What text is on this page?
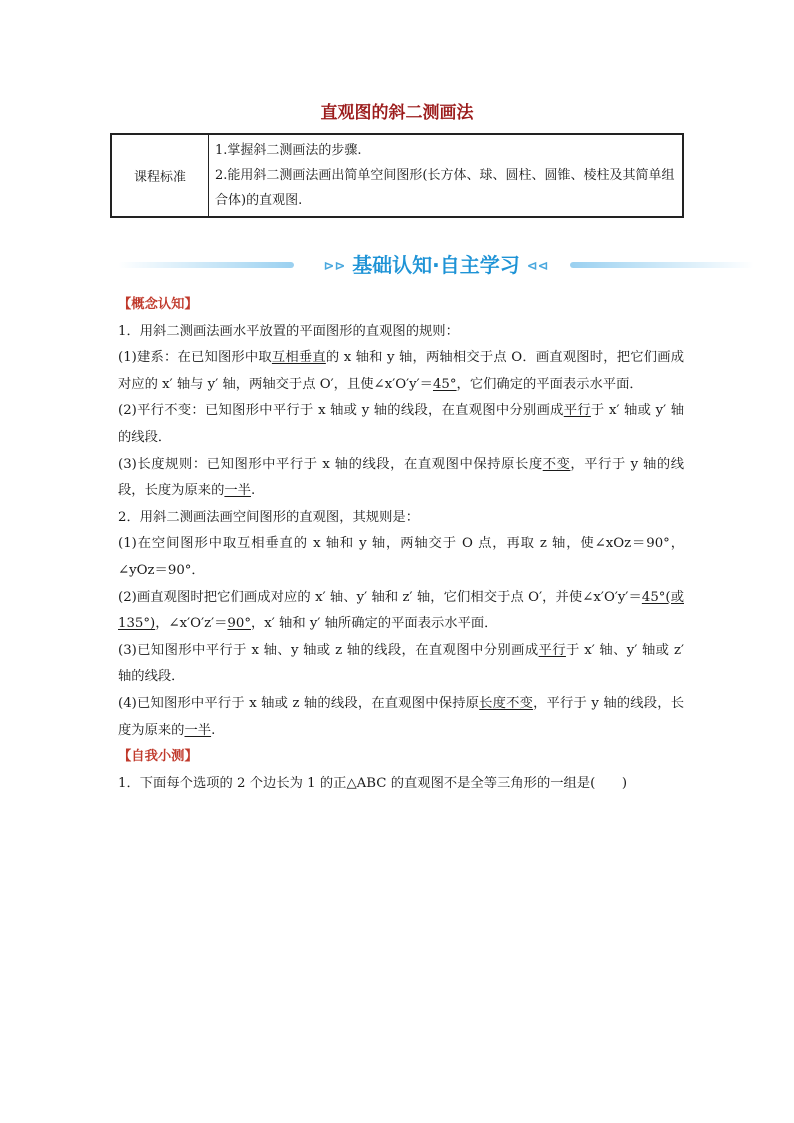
直观图的斜二测画法
课程标准	
1.掌握斜二测画法的步骤.
2.能用斜二测画法画出简单空间图形(长方体、球、圆柱、圆锥、棱柱及其简单组合体)的直观图.
⊳⊳ 基础认知·自主学习 ⊲⊲

【概念认知】

1．用斜二测画法画水平放置的平面图形的直观图的规则：

(1)建系：在已知图形中取互相垂直的 x 轴和 y 轴，两轴相交于点 O．画直观图时，把它们画成对应的 x′ 轴与 y′ 轴，两轴交于点 O′，且使∠x′O′y′＝45°，它们确定的平面表示水平面．

(2)平行不变：已知图形中平行于 x 轴或 y 轴的线段，在直观图中分别画成平行于 x′ 轴或 y′ 轴的线段．

(3)长度规则：已知图形中平行于 x 轴的线段，在直观图中保持原长度不变，平行于 y 轴的线段，长度为原来的一半.

2．用斜二测画法画空间图形的直观图，其规则是：

(1)在空间图形中取互相垂直的 x 轴和 y 轴，两轴交于 O 点，再取 z 轴，使∠xOz＝90°，∠yOz＝90°．

(2)画直观图时把它们画成对应的 x′ 轴、y′ 轴和 z′ 轴，它们相交于点 O′，并使∠x′O′y′＝45°(或 135°)，∠x′O′z′＝90°，x′ 轴和 y′ 轴所确定的平面表示水平面．

(3)已知图形中平行于 x 轴、y 轴或 z 轴的线段，在直观图中分别画成平行于 x′ 轴、y′ 轴或 z′ 轴的线段．

(4)已知图形中平行于 x 轴或 z 轴的线段，在直观图中保持原长度不变，平行于 y 轴的线段，长度为原来的一半.

【自我小测】

1．下面每个选项的 2 个边长为 1 的正△ABC 的直观图不是全等三角形的一组是(　　)
